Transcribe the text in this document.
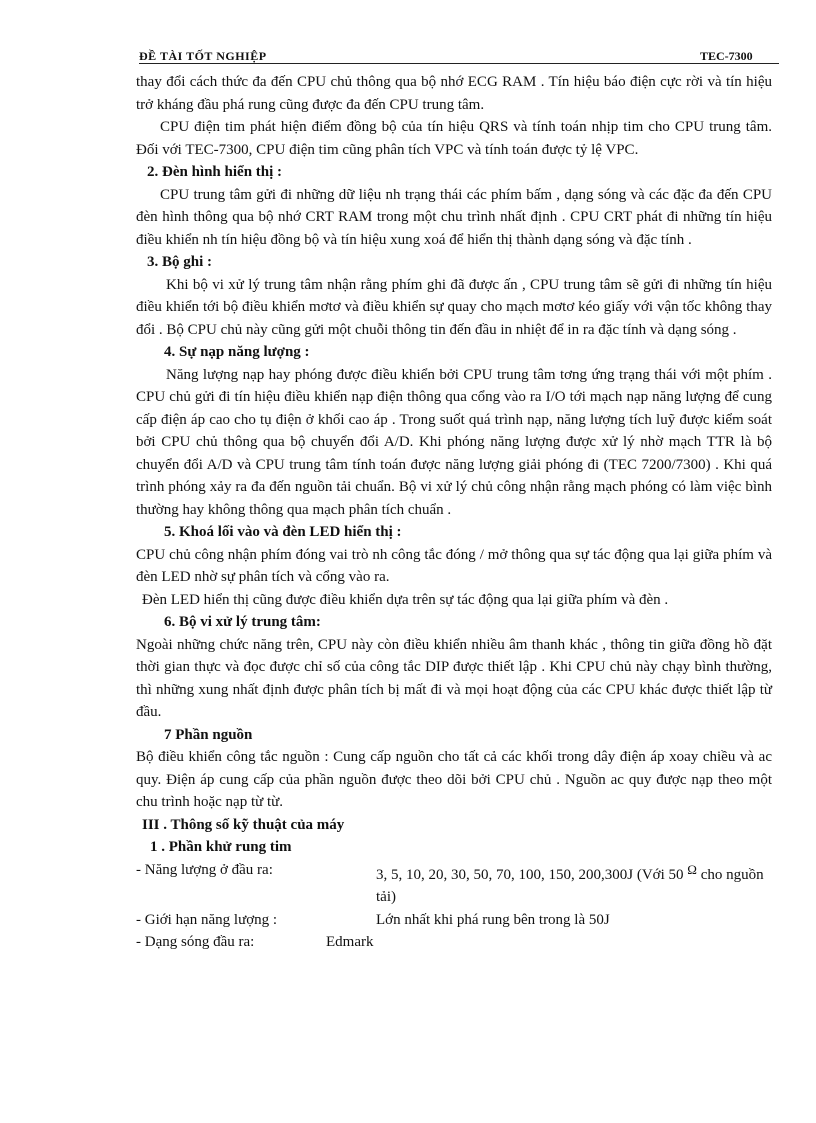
ĐỀ TÀI TỐT NGHIỆP	TEC-7300

thay đổi cách thức đa đến CPU chủ thông qua bộ nhớ ECG RAM . Tín hiệu báo điện cực rời và tín hiệu trở kháng đầu phá rung cũng được đa đến CPU trung tâm.

CPU điện tim phát hiện điểm đồng bộ của tín hiệu QRS và tính toán nhịp tim cho CPU trung tâm. Đối với TEC-7300, CPU điện tim cũng phân tích VPC và tính toán được tỷ lệ VPC.

2. Đèn hình hiển thị :

CPU trung tâm gửi đi những dữ liệu nh trạng thái các phím bấm , dạng sóng và các đặc đa đến CPU đèn hình thông qua bộ nhớ CRT RAM trong một chu trình nhất định . CPU CRT phát đi những tín hiệu điều khiển nh tín hiệu đồng bộ và tín hiệu xung xoá để hiển thị thành dạng sóng và đặc tính .

3. Bộ ghi :

Khi bộ vi xử lý trung tâm nhận rằng phím ghi đã được ấn , CPU trung tâm sẽ gửi đi những tín hiệu điều khiển tới bộ điều khiển mơtơ và điều khiển sự quay cho mạch mơtơ kéo giấy với vận tốc không thay đổi . Bộ CPU chủ này cũng gửi một chuỗi thông tin đến đầu in nhiệt để in ra đặc tính và dạng sóng .

4. Sự nạp năng lượng :

Năng lượng nạp hay phóng được điều khiển bởi CPU trung tâm tơng ứng trạng thái với một phím . CPU chủ gửi đi tín hiệu điều khiển nạp điện thông qua cổng vào ra I/O tới mạch nạp năng lượng để cung cấp điện áp cao cho tụ điện ở khối cao áp . Trong suốt quá trình nạp, năng lượng tích luỹ được kiểm soát bởi CPU chủ thông qua bộ chuyển đổi A/D. Khi phóng năng lượng được xử lý nhờ mạch TTR là bộ chuyển đổi A/D và CPU trung tâm tính toán được năng lượng giải phóng đi (TEC 7200/7300) . Khi quá trình phóng xảy ra đa đến nguồn tải chuẩn. Bộ vi xử lý chủ công nhận rằng mạch phóng có làm việc bình thường hay không thông qua mạch phân tích chuẩn .

5. Khoá lối vào và đèn LED hiển thị :

CPU chủ công nhận phím đóng vai trò nh công tắc đóng / mở thông qua sự tác động qua lại giữa phím và đèn LED nhờ sự phân tích và cổng vào ra.

Đèn LED hiển thị cũng được điều khiển dựa trên sự tác động qua lại giữa phím và đèn .

6. Bộ vi xử lý trung tâm:

Ngoài những chức năng trên, CPU này còn điều khiển nhiều âm thanh khác , thông tin giữa đồng hồ đặt thời gian thực và đọc được chỉ số của công tắc DIP được thiết lập . Khi CPU chủ này chạy bình thường, thì những xung nhất định được phân tích bị mất đi và mọi hoạt động của các CPU khác được thiết lập từ đầu.

7 Phần nguồn

Bộ điều khiển công tắc nguồn : Cung cấp nguồn cho tất cả các khối trong dây điện áp xoay chiều và ac quy. Điện áp cung cấp của phần nguồn được theo dõi bởi CPU chủ . Nguồn ac quy được nạp theo một chu trình hoặc nạp từ từ.

III . Thông số kỹ thuật của máy

1 . Phần khử rung tim

- Năng lượng ở đầu ra:	3, 5, 10, 20, 30, 50, 70, 100, 150, 200,300J (Với 50 Ω cho nguồn tải)
- Giới hạn năng lượng :	Lớn nhất khi phá rung bên trong là 50J
- Dạng sóng đầu ra:	Edmark
